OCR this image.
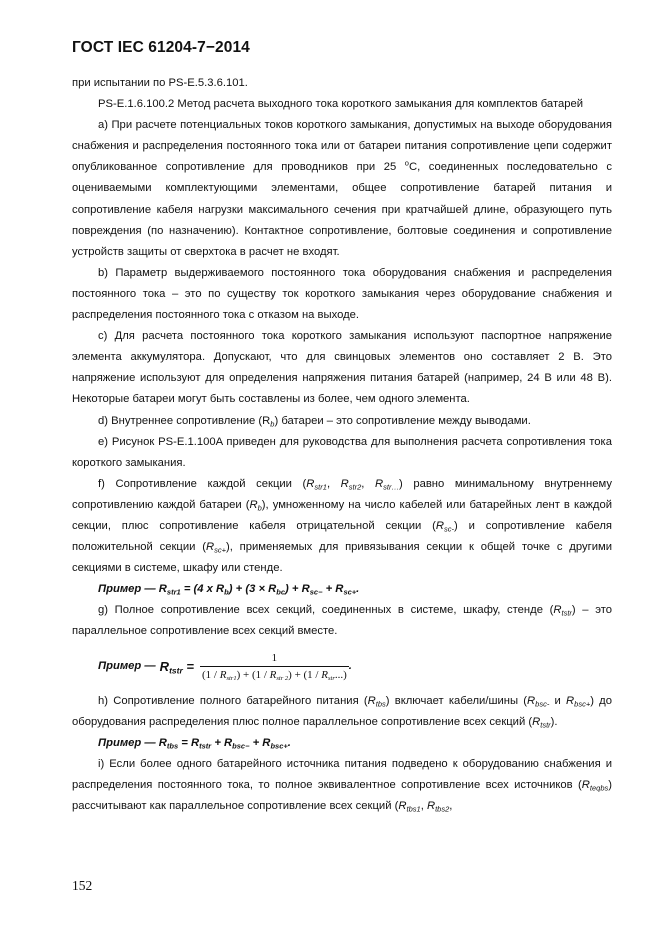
ГОСТ IEC 61204-7−2014

при испытании по PS-E.5.3.6.101.

PS-E.1.6.100.2 Метод расчета выходного тока короткого замыкания для комплектов батарей

a) При расчете потенциальных токов короткого замыкания, допустимых на выходе оборудования снабжения и распределения постоянного тока или от батареи питания сопротивление цепи содержит опубликованное сопротивление для проводников при 25 $^o$C, соединенных последовательно с оцениваемыми комплектующими элементами, общее сопротивление батарей питания и сопротивление кабеля нагрузки максимального сечения при кратчайшей длине, образующего путь повреждения (по назначению). Контактное сопротивление, болтовые соединения и сопротивление устройств защиты от сверхтока в расчет не входят.

b) Параметр выдерживаемого постоянного тока оборудования снабжения и распределения постоянного тока – это по существу ток короткого замыкания через оборудование снабжения и распределения постоянного тока с отказом на выходе.

c) Для расчета постоянного тока короткого замыкания используют паспортное напряжение элемента аккумулятора. Допускают, что для свинцовых элементов оно составляет 2 В. Это напряжение используют для определения напряжения питания батарей (например, 24 В или 48 В). Некоторые батареи могут быть составлены из более, чем одного элемента.

d) Внутреннее сопротивление $(R_b)$ батареи – это сопротивление между выводами.

e) Рисунок PS-E.1.100A приведен для руководства для выполнения расчета сопротивления тока короткого замыкания.

f) Сопротивление каждой секции ($R_{str1}$, $R_{str2}$, $R_{str\dots}$) равно минимальному внутреннему сопротивлению каждой батареи $(R_b)$, умноженному на число кабелей или батарейных лент в каждой секции, плюс сопротивление кабеля отрицательной секции $(R_{sc-})$ и сопротивление кабеля положительной секции $(R_{sc+})$, применяемых для привязывания секции к общей точке с другими секциями в системе, шкафу или стенде.

Пример — $R_{str1} = (4$ x $R_b) + (3 \times R_{bc}) + R_{sc-} + R_{sc+}$.

g) Полное сопротивление всех секций, соединенных в системе, шкафу, стенде $(R_{tstr})$ – это параллельное сопротивление всех секций вместе.

Пример — $R_{tstr} = \frac{1}{(1 / R_{str1}) + (1 / R_{str 2}) + (1 / R_{str}...)}$ .

h) Сопротивление полного батарейного питания $(R_{tbs})$ включает кабели/шины ($R_{bsc-}$ и $R_{bsc+}$) до оборудования распределения плюс полное параллельное сопротивление всех секций $(R_{tstr})$.

Пример — $R_{tbs} = R_{tstr} + R_{bsc-} + R_{bsc+}$.

i) Если более одного батарейного источника питания подведено к оборудованию снабжения и распределения постоянного тока, то полное эквивалентное сопротивление всех источников $(R_{teqbs})$ рассчитывают как параллельное сопротивление всех секций ($R_{tbs1}$, $R_{tbs2}$,

152
